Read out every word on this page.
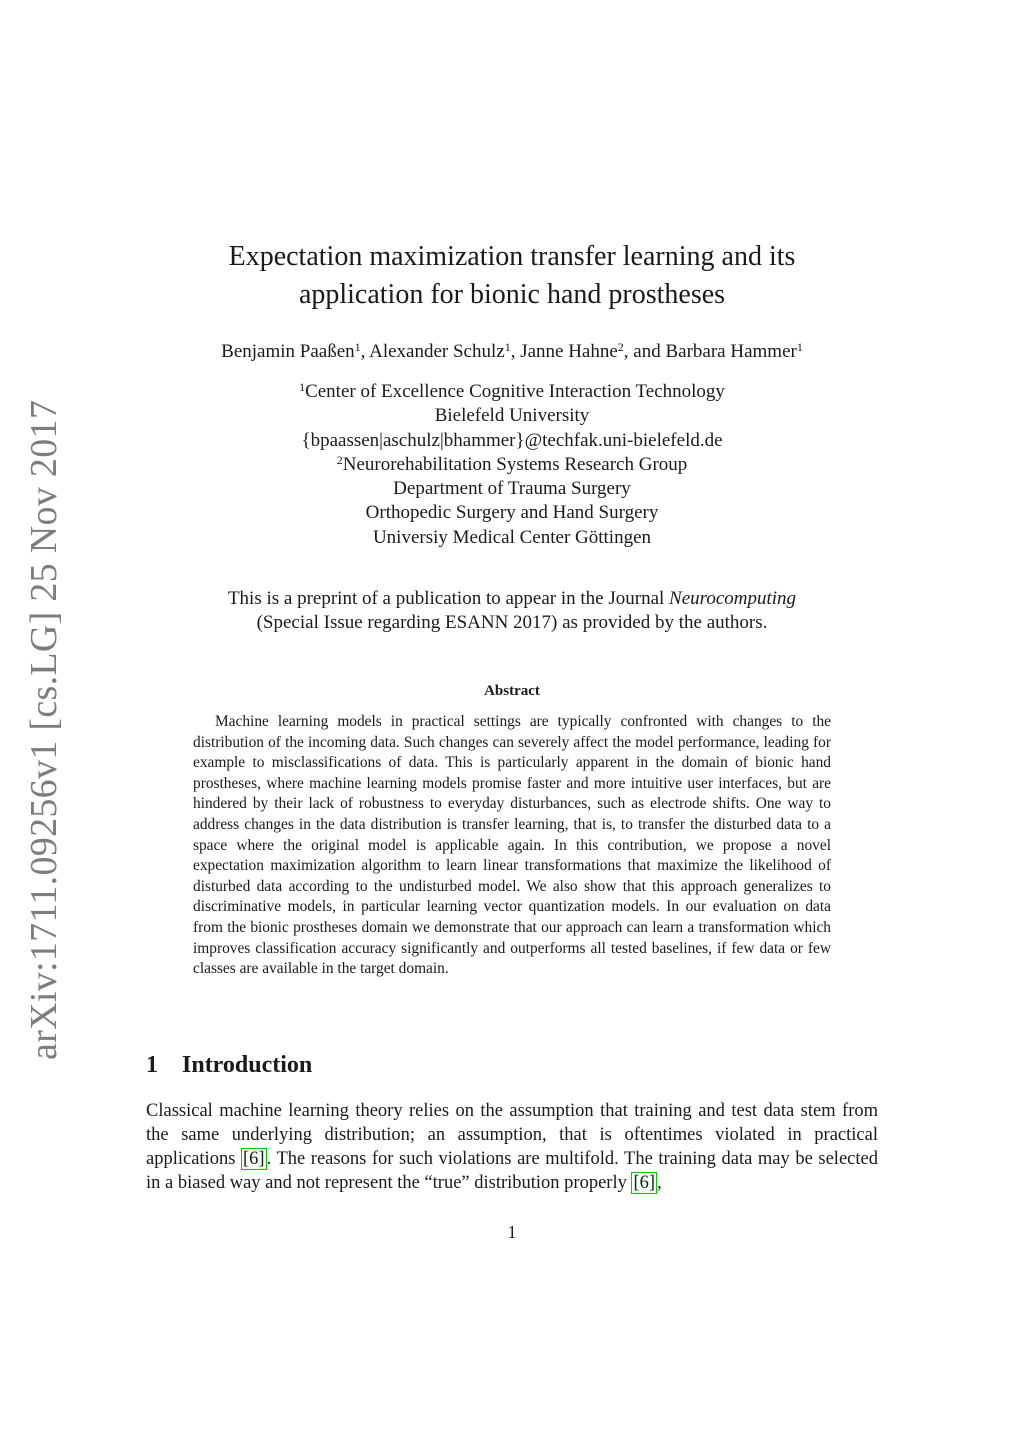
arXiv:1711.09256v1 [cs.LG] 25 Nov 2017
Expectation maximization transfer learning and its
application for bionic hand prostheses
Benjamin Paaßen$^1$, Alexander Schulz$^1$, Janne Hahne$^2$, and Barbara Hammer$^1$
$^1$Center of Excellence Cognitive Interaction Technology
Bielefeld University
{bpaassen|aschulz|bhammer}@techfak.uni-bielefeld.de
$^2$Neurorehabilitation Systems Research Group
Department of Trauma Surgery
Orthopedic Surgery and Hand Surgery
Universiy Medical Center Göttingen
This is a preprint of a publication to appear in the Journal Neurocomputing
(Special Issue regarding ESANN 2017) as provided by the authors.
Abstract

Machine learning models in practical settings are typically confronted with changes to the distribution of the incoming data. Such changes can severely affect the model performance, leading for example to misclassifications of data. This is particularly apparent in the domain of bionic hand prostheses, where machine learning models promise faster and more intuitive user interfaces, but are hindered by their lack of robustness to everyday disturbances, such as electrode shifts. One way to address changes in the data distribution is transfer learning, that is, to transfer the disturbed data to a space where the original model is applicable again. In this contribution, we propose a novel expectation maximization algorithm to learn linear transformations that maximize the likelihood of disturbed data according to the undisturbed model. We also show that this approach generalizes to discriminative models, in particular learning vector quantization models. In our evaluation on data from the bionic prostheses domain we demonstrate that our approach can learn a transformation which improves classification accuracy significantly and outperforms all tested baselines, if few data or few classes are available in the target domain.

1 Introduction

Classical machine learning theory relies on the assumption that training and test data stem from the same underlying distribution; an assumption, that is oftentimes violated in practical applications [6] . The reasons for such violations are multifold. The training data may be selected in a biased way and not represent the “true” distribution properly [6] ,

1
